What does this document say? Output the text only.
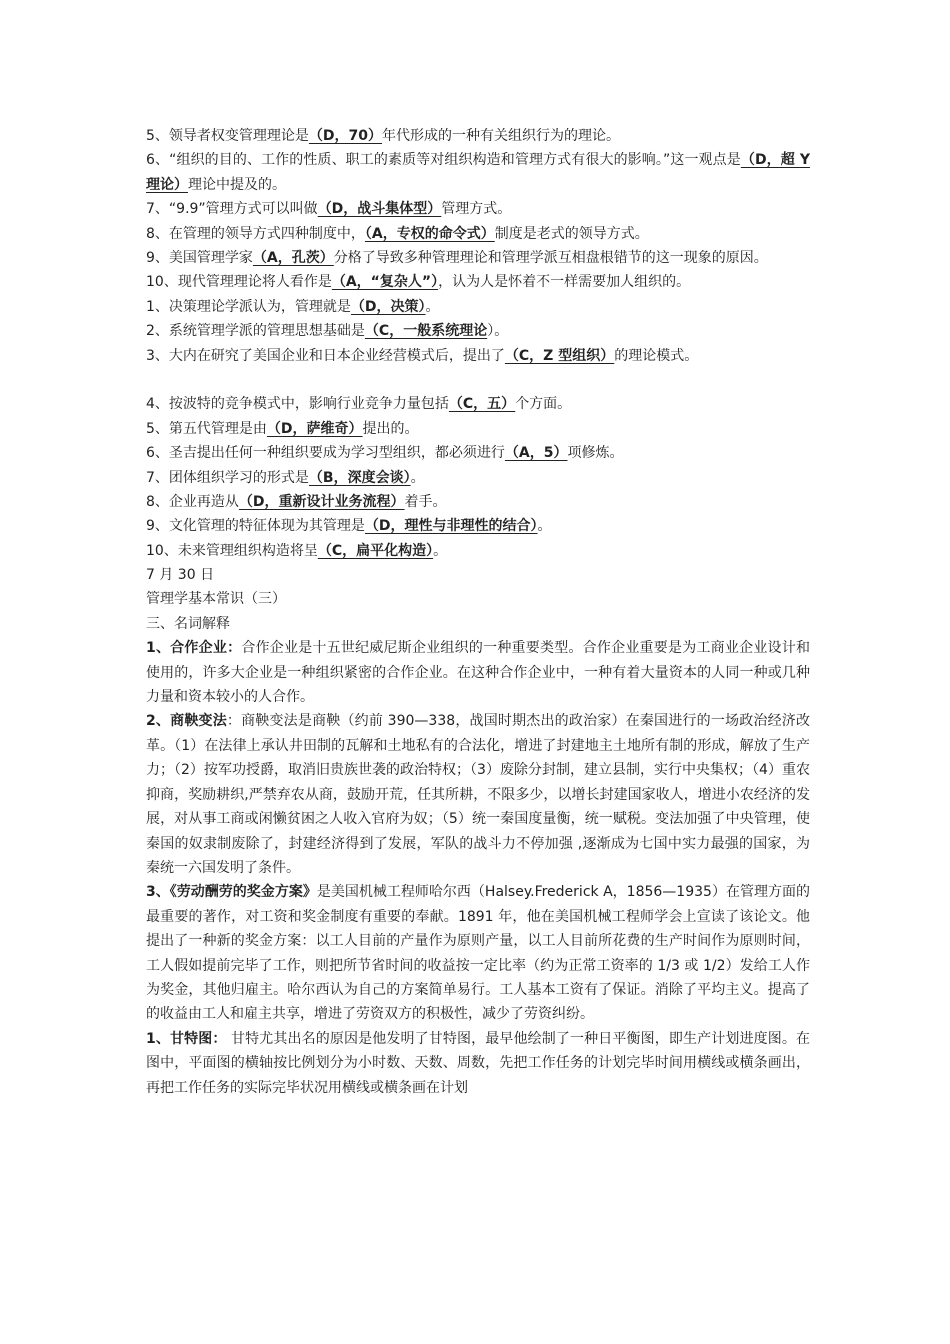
5、领导者权变管理理论是（D，70）年代形成的一种有关组织行为的理论。
6、“组织的目的、工作的性质、职工的素质等对组织构造和管理方式有很大的影响。”这一观点是（D，超 Y 理论）理论中提及的。
7、“9.9”管理方式可以叫做（D，战斗集体型）管理方式。
8、在管理的领导方式四种制度中，（A，专权的命令式）制度是老式的领导方式。
9、美国管理学家（A，孔茨）分格了导致多种管理理论和管理学派互相盘根错节的这一现象的原因。
10、现代管理理论将人看作是（A，“复杂人”），认为人是怀着不一样需要加人组织的。
1、决策理论学派认为，管理就是（D，决策）。
2、系统管理学派的管理思想基础是（C，一般系统理论）。
3、大内在研究了美国企业和日本企业经营模式后，提出了（C，Z 型组织）的理论模式。
4、按波特的竞争模式中，影响行业竞争力量包括（C，五）个方面。
5、第五代管理是由（D，萨维奇）提出的。
6、圣吉提出任何一种组织要成为学习型组织，都必须进行（A，5）项修炼。
7、团体组织学习的形式是（B，深度会谈）。
8、企业再造从（D，重新设计业务流程）着手。
9、文化管理的特征体现为其管理是（D，理性与非理性的结合）。
10、未来管理组织构造将呈（C，扁平化构造）。
7 月 30 日
管理学基本常识（三）
三、名词解释
1、合作企业：合作企业是十五世纪威尼斯企业组织的一种重要类型。合作企业重要是为工商业企业设计和使用的，许多大企业是一种组织紧密的合作企业。在这种合作企业中，一种有着大量资本的人同一种或几种力量和资本较小的人合作。
2、商鞅变法：商鞅变法是商鞅（约前 390—338，战国时期杰出的政治家）在秦国进行的一场政治经济改革。（1）在法律上承认井田制的瓦解和土地私有的合法化，增进了封建地主土地所有制的形成，解放了生产力；（2）按军功授爵，取消旧贵族世袭的政治特权；（3）废除分封制，建立县制，实行中央集权；（4）重农抑商，奖励耕织,严禁弃农从商，鼓励开荒，任其所耕，不限多少，以增长封建国家收人，增进小农经济的发展，对从事工商或闲懒贫困之人收入官府为奴；（5）统一秦国度量衡，统一赋税。变法加强了中央管理，使秦国的奴隶制废除了，封建经济得到了发展，军队的战斗力不停加强 ,逐渐成为七国中实力最强的国家，为秦统一六国发明了条件。
3、《劳动酬劳的奖金方案》是美国机械工程师哈尔西（Halsey.Frederick A，1856—1935）在管理方面的最重要的著作，对工资和奖金制度有重要的奉献。1891 年，他在美国机械工程师学会上宣读了该论文。他提出了一种新的奖金方案：以工人目前的产量作为原则产量，以工人目前所花费的生产时间作为原则时间，工人假如提前完毕了工作，则把所节省时间的收益按一定比率（约为正常工资率的 1/3 或 1/2）发给工人作为奖金，其他归雇主。哈尔西认为自己的方案简单易行。工人基本工资有了保证。消除了平均主义。提高了的收益由工人和雇主共享，增进了劳资双方的积极性，减少了劳资纠纷。
1、甘特图： 甘特尤其出名的原因是他发明了甘特图，最早他绘制了一种日平衡图，即生产计划进度图。在图中，平面图的横轴按比例划分为小时数、天数、周数，先把工作任务的计划完毕时间用横线或横条画出，再把工作任务的实际完毕状况用横线或横条画在计划
